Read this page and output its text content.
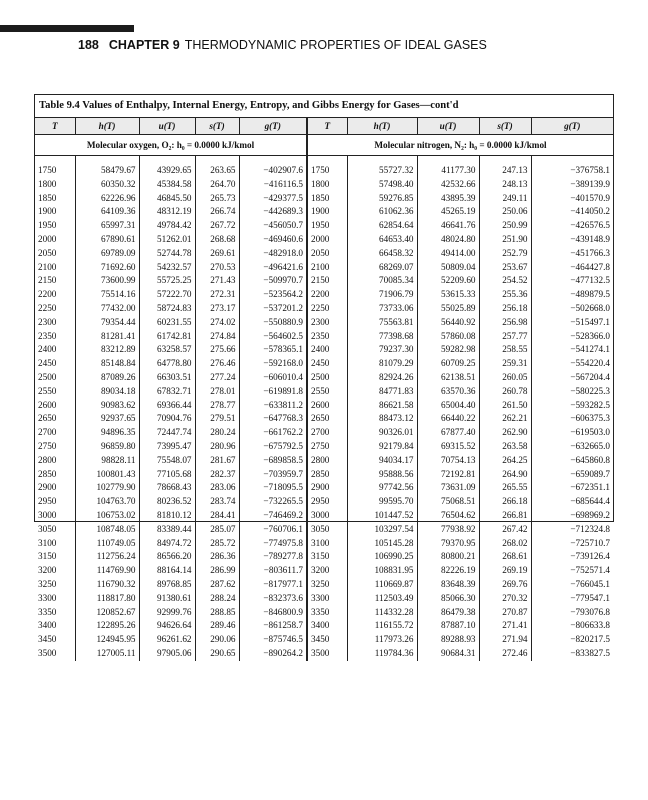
188 CHAPTER 9 THERMODYNAMIC PROPERTIES OF IDEAL GASES
Table 9.4 Values of Enthalpy, Internal Energy, Entropy, and Gibbs Energy for Gases—cont'd
T	h(T)	u(T)	s(T)	g(T)	T	h(T)	u(T)	s(T)	g(T)
Molecular oxygen, O₂: h₀ = 0.0000 kJ/kmol					Molecular nitrogen, N₂: h₀ = 0.0000 kJ/kmol				

1750	58479.67	43929.65	263.65	−402907.6	1750	55727.32	41177.30	247.13	−376758.1
1800	60350.32	45384.58	264.70	−416116.5	1800	57498.40	42532.66	248.13	−389139.9
1850	62226.96	46845.50	265.73	−429377.5	1850	59276.85	43895.39	249.11	−401570.9
1900	64109.36	48312.19	266.74	−442689.3	1900	61062.36	45265.19	250.06	−414050.2
1950	65997.31	49784.42	267.72	−456050.7	1950	62854.64	46641.76	250.99	−426576.5
2000	67890.61	51262.01	268.68	−469460.6	2000	64653.40	48024.80	251.90	−439148.9
2050	69789.09	52744.78	269.61	−482918.0	2050	66458.32	49414.00	252.79	−451766.3
2100	71692.60	54232.57	270.53	−496421.6	2100	68269.07	50809.04	253.67	−464427.8
2150	73600.99	55725.25	271.43	−509970.7	2150	70085.34	52209.60	254.52	−477132.5
2200	75514.16	57222.70	272.31	−523564.2	2200	71906.79	53615.33	255.36	−489879.5
2250	77432.00	58724.83	273.17	−537201.2	2250	73733.06	55025.89	256.18	−502668.0
2300	79354.44	60231.55	274.02	−550880.9	2300	75563.81	56440.92	256.98	−515497.1
2350	81281.41	61742.81	274.84	−564602.5	2350	77398.68	57860.08	257.77	−528366.0
2400	83212.89	63258.57	275.66	−578365.1	2400	79237.30	59282.98	258.55	−541274.1
2450	85148.84	64778.80	276.46	−592168.0	2450	81079.29	60709.25	259.31	−554220.4
2500	87089.26	66303.51	277.24	−606010.4	2500	82924.26	62138.51	260.05	−567204.4
2550	89034.18	67832.71	278.01	−619891.8	2550	84771.83	63570.36	260.78	−580225.3
2600	90983.62	69366.44	278.77	−633811.2	2600	86621.58	65004.40	261.50	−593282.5
2650	92937.65	70904.76	279.51	−647768.3	2650	88473.12	66440.22	262.21	−606375.3
2700	94896.35	72447.74	280.24	−661762.2	2700	90326.01	67877.40	262.90	−619503.0
2750	96859.80	73995.47	280.96	−675792.5	2750	92179.84	69315.52	263.58	−632665.0
2800	98828.11	75548.07	281.67	−689858.5	2800	94034.17	70754.13	264.25	−645860.8
2850	100801.43	77105.68	282.37	−703959.7	2850	95888.56	72192.81	264.90	−659089.7
2900	102779.90	78668.43	283.06	−718095.5	2900	97742.56	73631.09	265.55	−672351.1
2950	104763.70	80236.52	283.74	−732265.5	2950	99595.70	75068.51	266.18	−685644.4
3000	106753.02	81810.12	284.41	−746469.2	3000	101447.52	76504.62	266.81	−698969.2
3050	108748.05	83389.44	285.07	−760706.1	3050	103297.54	77938.92	267.42	−712324.8
3100	110749.05	84974.72	285.72	−774975.8	3100	105145.28	79370.95	268.02	−725710.7
3150	112756.24	86566.20	286.36	−789277.8	3150	106990.25	80800.21	268.61	−739126.4
3200	114769.90	88164.14	286.99	−803611.7	3200	108831.95	82226.19	269.19	−752571.4
3250	116790.32	89768.85	287.62	−817977.1	3250	110669.87	83648.39	269.76	−766045.1
3300	118817.80	91380.61	288.24	−832373.6	3300	112503.49	85066.30	270.32	−779547.1
3350	120852.67	92999.76	288.85	−846800.9	3350	114332.28	86479.38	270.87	−793076.8
3400	122895.26	94626.64	289.46	−861258.7	3400	116155.72	87887.10	271.41	−806633.8
3450	124945.95	96261.62	290.06	−875746.5	3450	117973.26	89288.93	271.94	−820217.5
3500	127005.11	97905.06	290.65	−890264.2	3500	119784.36	90684.31	272.46	−833827.5
